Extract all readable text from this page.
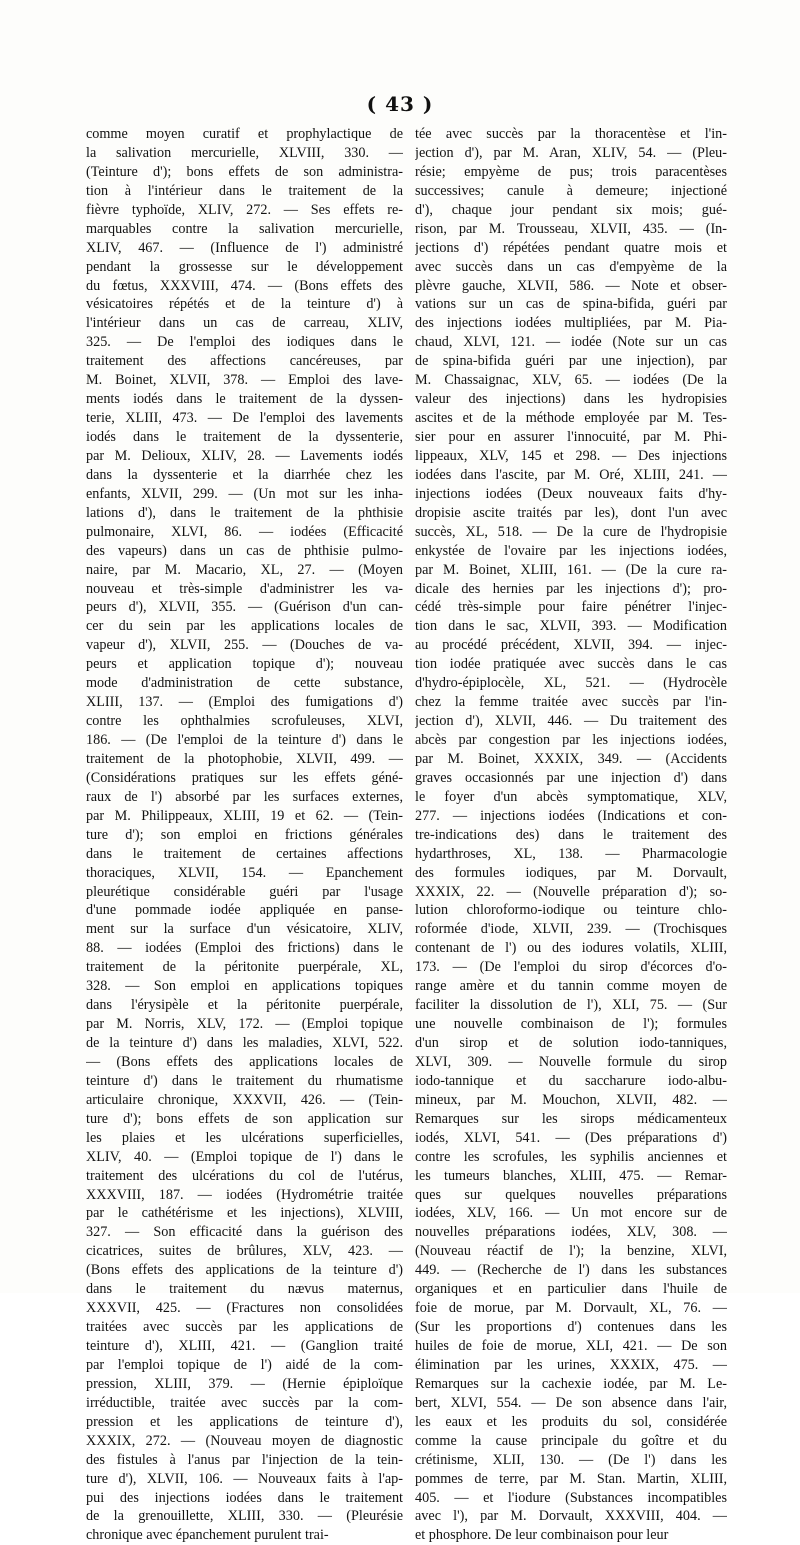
( 43 )
comme moyen curatif et prophylactique de
la salivation mercurielle, XLVIII, 330. —
(Teinture d'); bons effets de son administra-
tion à l'intérieur dans le traitement de la
fièvre typhoïde, XLIV, 272. — Ses effets re-
marquables contre la salivation mercurielle,
XLIV, 467. — (Influence de l') administré
pendant la grossesse sur le développement
du fœtus, XXXVIII, 474. — (Bons effets des
vésicatoires répétés et de la teinture d') à
l'intérieur dans un cas de carreau, XLIV,
325. — De l'emploi des iodiques dans le
traitement des affections cancéreuses, par
M. Boinet, XLVII, 378. — Emploi des lave-
ments iodés dans le traitement de la dyssen-
terie, XLIII, 473. — De l'emploi des lavements
iodés dans le traitement de la dyssenterie,
par M. Delioux, XLIV, 28. — Lavements iodés
dans la dyssenterie et la diarrhée chez les
enfants, XLVII, 299. — (Un mot sur les inha-
lations d'), dans le traitement de la phthisie
pulmonaire, XLVI, 86. — iodées (Efficacité
des vapeurs) dans un cas de phthisie pulmo-
naire, par M. Macario, XL, 27. — (Moyen
nouveau et très-simple d'administrer les va-
peurs d'), XLVII, 355. — (Guérison d'un can-
cer du sein par les applications locales de
vapeur d'), XLVII, 255. — (Douches de va-
peurs et application topique d'); nouveau
mode d'administration de cette substance,
XLIII, 137. — (Emploi des fumigations d')
contre les ophthalmies scrofuleuses, XLVI,
186. — (De l'emploi de la teinture d') dans le
traitement de la photophobie, XLVII, 499. —
(Considérations pratiques sur les effets géné-
raux de l') absorbé par les surfaces externes,
par M. Philippeaux, XLIII, 19 et 62. — (Tein-
ture d'); son emploi en frictions générales
dans le traitement de certaines affections
thoraciques, XLVII, 154. — Epanchement
pleurétique considérable guéri par l'usage
d'une pommade iodée appliquée en panse-
ment sur la surface d'un vésicatoire, XLIV,
88. — iodées (Emploi des frictions) dans le
traitement de la péritonite puerpérale, XL,
328. — Son emploi en applications topiques
dans l'érysipèle et la péritonite puerpérale,
par M. Norris, XLV, 172. — (Emploi topique
de la teinture d') dans les maladies, XLVI, 522.
— (Bons effets des applications locales de
teinture d') dans le traitement du rhumatisme
articulaire chronique, XXXVII, 426. — (Tein-
ture d'); bons effets de son application sur
les plaies et les ulcérations superficielles,
XLIV, 40. — (Emploi topique de l') dans le
traitement des ulcérations du col de l'utérus,
XXXVIII, 187. — iodées (Hydrométrie traitée
par le cathétérisme et les injections), XLVIII,
327. — Son efficacité dans la guérison des
cicatrices, suites de brûlures, XLV, 423. —
(Bons effets des applications de la teinture d')
dans le traitement du nævus maternus,
XXXVII, 425. — (Fractures non consolidées
traitées avec succès par les applications de
teinture d'), XLIII, 421. — (Ganglion traité
par l'emploi topique de l') aidé de la com-
pression, XLIII, 379. — (Hernie épiploïque
irréductible, traitée avec succès par la com-
pression et les applications de teinture d'),
XXXIX, 272. — (Nouveau moyen de diagnostic
des fistules à l'anus par l'injection de la tein-
ture d'), XLVII, 106. — Nouveaux faits à l'ap-
pui des injections iodées dans le traitement
de la grenouillette, XLIII, 330. — (Pleurésie
chronique avec épanchement purulent trai-
tée avec succès par la thoracentèse et l'in-
jection d'), par M. Aran, XLIV, 54. — (Pleu-
résie; empyème de pus; trois paracentèses
successives; canule à demeure; injectioné
d'), chaque jour pendant six mois; gué-
rison, par M. Trousseau, XLVII, 435. — (In-
jections d') répétées pendant quatre mois et
avec succès dans un cas d'empyème de la
plèvre gauche, XLVII, 586. — Note et obser-
vations sur un cas de spina-bifida, guéri par
des injections iodées multipliées, par M. Pia-
chaud, XLVI, 121. — iodée (Note sur un cas
de spina-bifida guéri par une injection), par
M. Chassaignac, XLV, 65. — iodées (De la
valeur des injections) dans les hydropisies
ascites et de la méthode employée par M. Tes-
sier pour en assurer l'innocuité, par M. Phi-
lippeaux, XLV, 145 et 298. — Des injections
iodées dans l'ascite, par M. Oré, XLIII, 241. —
injections iodées (Deux nouveaux faits d'hy-
dropisie ascite traités par les), dont l'un avec
succès, XL, 518. — De la cure de l'hydropisie
enkystée de l'ovaire par les injections iodées,
par M. Boinet, XLIII, 161. — (De la cure ra-
dicale des hernies par les injections d'); pro-
cédé très-simple pour faire pénétrer l'injec-
tion dans le sac, XLVII, 393. — Modification
au procédé précédent, XLVII, 394. — injec-
tion iodée pratiquée avec succès dans le cas
d'hydro-épiplocèle, XL, 521. — (Hydrocèle
chez la femme traitée avec succès par l'in-
jection d'), XLVII, 446. — Du traitement des
abcès par congestion par les injections iodées,
par M. Boinet, XXXIX, 349. — (Accidents
graves occasionnés par une injection d') dans
le foyer d'un abcès symptomatique, XLV,
277. — injections iodées (Indications et con-
tre-indications des) dans le traitement des
hydarthroses, XL, 138. — Pharmacologie
des formules iodiques, par M. Dorvault,
XXXIX, 22. — (Nouvelle préparation d'); so-
lution chloroformo-iodique ou teinture chlo-
roformée d'iode, XLVII, 239. — (Trochisques
contenant de l') ou des iodures volatils, XLIII,
173. — (De l'emploi du sirop d'écorces d'o-
range amère et du tannin comme moyen de
faciliter la dissolution de l'), XLI, 75. — (Sur
une nouvelle combinaison de l'); formules
d'un sirop et de solution iodo-tanniques,
XLVI, 309. — Nouvelle formule du sirop
iodo-tannique et du saccharure iodo-albu-
mineux, par M. Mouchon, XLVII, 482. —
Remarques sur les sirops médicamenteux
iodés, XLVI, 541. — (Des préparations d')
contre les scrofules, les syphilis anciennes et
les tumeurs blanches, XLIII, 475. — Remar-
ques sur quelques nouvelles préparations
iodées, XLV, 166. — Un mot encore sur de
nouvelles préparations iodées, XLV, 308. —
(Nouveau réactif de l'); la benzine, XLVI,
449. — (Recherche de l') dans les substances
organiques et en particulier dans l'huile de
foie de morue, par M. Dorvault, XL, 76. —
(Sur les proportions d') contenues dans les
huiles de foie de morue, XLI, 421. — De son
élimination par les urines, XXXIX, 475. —
Remarques sur la cachexie iodée, par M. Le-
bert, XLVI, 554. — De son absence dans l'air,
les eaux et les produits du sol, considérée
comme la cause principale du goître et du
crétinisme, XLII, 130. — (De l') dans les
pommes de terre, par M. Stan. Martin, XLIII,
405. — et l'iodure (Substances incompatibles
avec l'), par M. Dorvault, XXXVIII, 404. —
et phosphore. De leur combinaison pour leur
